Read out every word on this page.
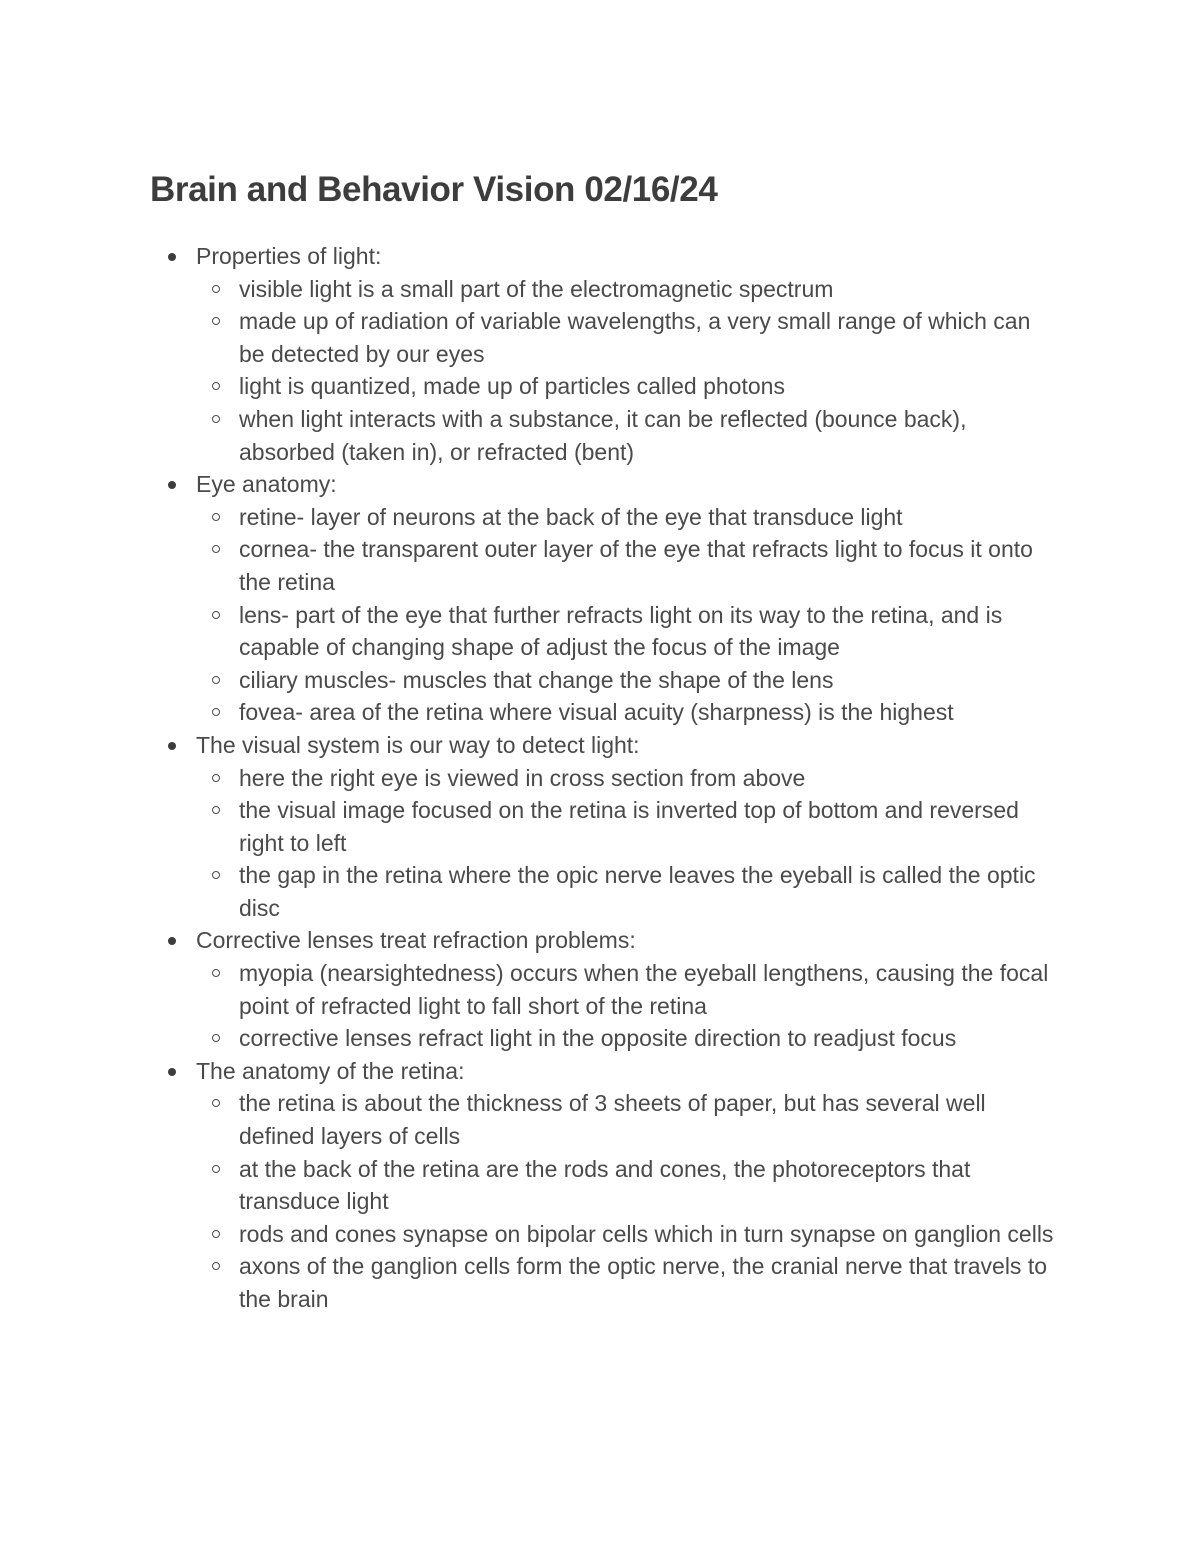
Brain and Behavior Vision 02/16/24
Properties of light:
visible light is a small part of the electromagnetic spectrum
made up of radiation of variable wavelengths, a very small range of which can be detected by our eyes
light is quantized, made up of particles called photons
when light interacts with a substance, it can be reflected (bounce back), absorbed (taken in), or refracted (bent)
Eye anatomy:
retine- layer of neurons at the back of the eye that transduce light
cornea- the transparent outer layer of the eye that refracts light to focus it onto the retina
lens- part of the eye that further refracts light on its way to the retina, and is capable of changing shape of adjust the focus of the image
ciliary muscles- muscles that change the shape of the lens
fovea- area of the retina where visual acuity (sharpness) is the highest
The visual system is our way to detect light:
here the right eye is viewed in cross section from above
the visual image focused on the retina is inverted top of bottom and reversed right to left
the gap in the retina where the opic nerve leaves the eyeball is called the optic disc
Corrective lenses treat refraction problems:
myopia (nearsightedness) occurs when the eyeball lengthens, causing the focal point of refracted light to fall short of the retina
corrective lenses refract light in the opposite direction to readjust focus
The anatomy of the retina:
the retina is about the thickness of 3 sheets of paper, but has several well defined layers of cells
at the back of the retina are the rods and cones, the photoreceptors that transduce light
rods and cones synapse on bipolar cells which in turn synapse on ganglion cells
axons of the ganglion cells form the optic nerve, the cranial nerve that travels to the brain
